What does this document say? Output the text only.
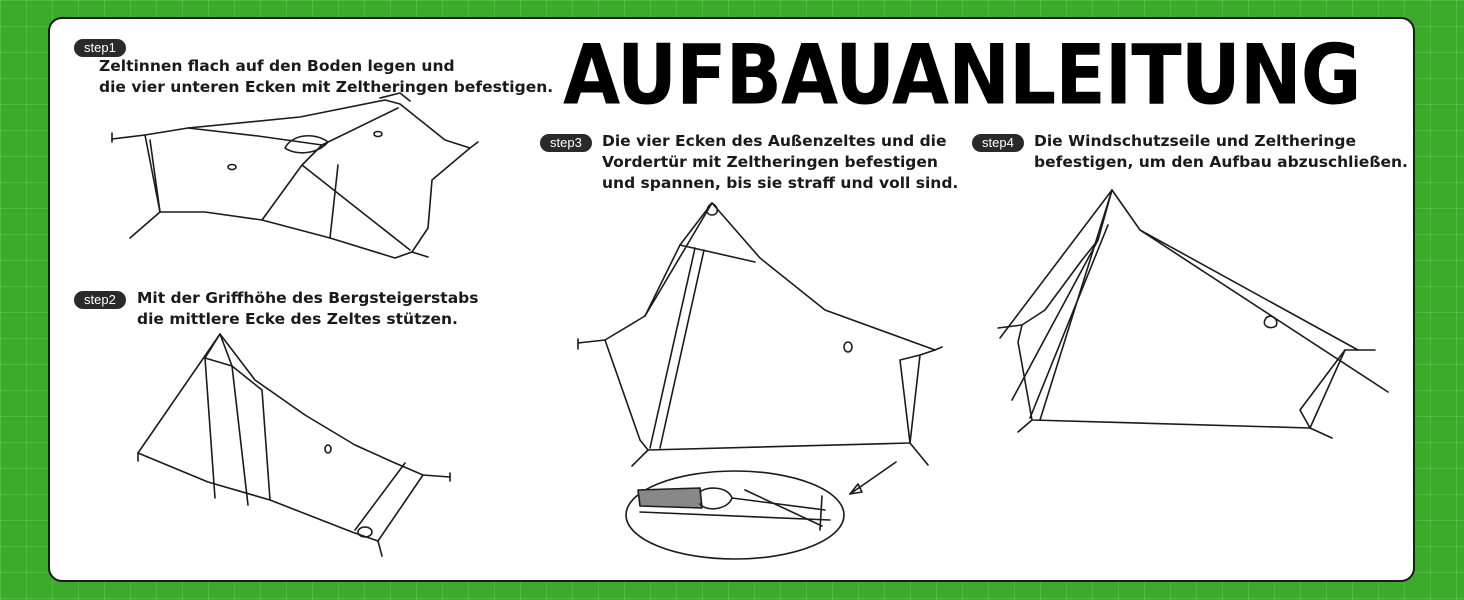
AUFBAUANLEITUNG
step1
Zeltinnen flach auf den Boden legen und
die vier unteren Ecken mit Zeltheringen befestigen.
step2	Mit der Griffhöhe des Bergsteigerstabs
die mittlere Ecke des Zeltes stützen.
step3	Die vier Ecken des Außenzeltes und die
Vordertür mit Zeltheringen befestigen
und spannen, bis sie straff und voll sind.
step4	Die Windschutzseile und Zeltheringe
befestigen, um den Aufbau abzuschließen.
